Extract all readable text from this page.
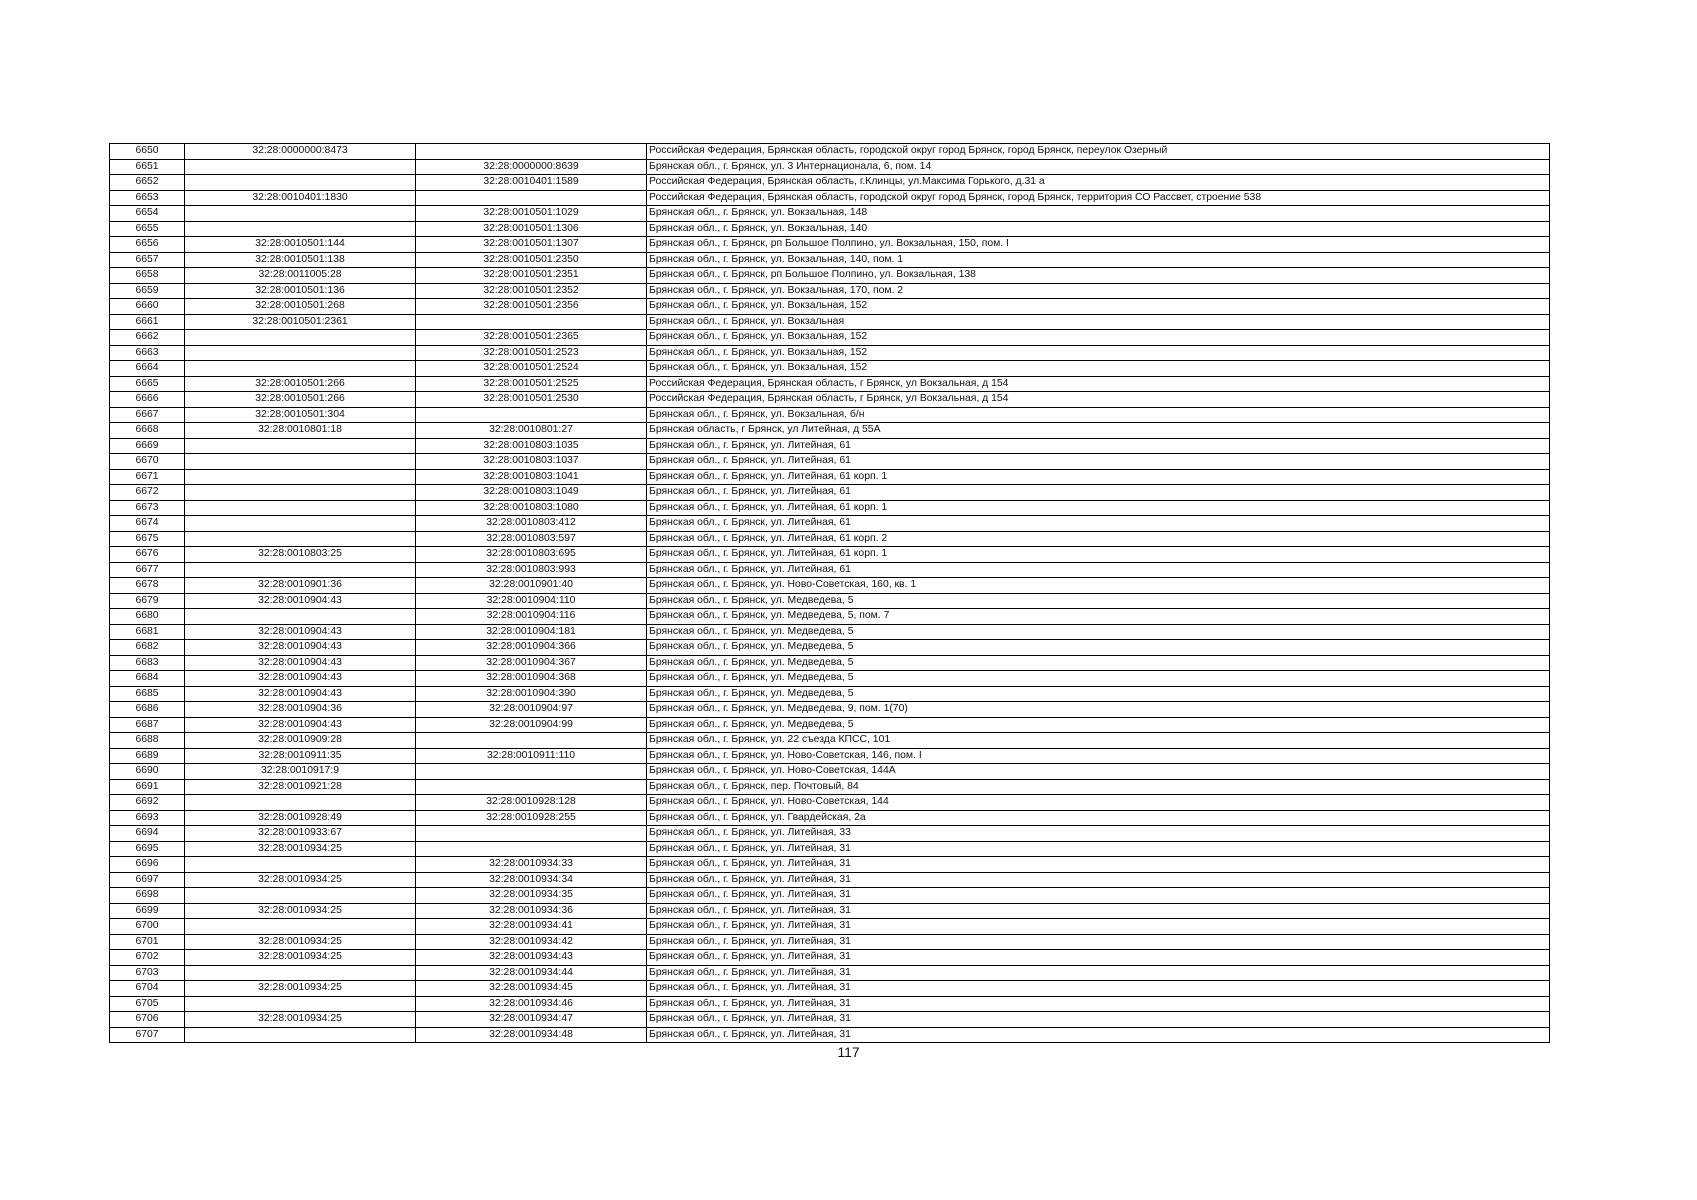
6650	32:28:0000000:8473		Российская Федерация, Брянская область, городской округ город Брянск, город Брянск, переулок Озерный
6651		32:28:0000000:8639	Брянская обл., г. Брянск, ул. 3 Интернационала, 6, пом. 14
6652		32:28:0010401:1589	Российская Федерация, Брянская область, г.Клинцы, ул.Максима Горького, д.31 а
6653	32:28:0010401:1830		Российская Федерация, Брянская область, городской округ город Брянск, город Брянск, территория СО Рассвет, строение 538
6654		32:28:0010501:1029	Брянская обл., г. Брянск, ул. Вокзальная, 148
6655		32:28:0010501:1306	Брянская обл., г. Брянск, ул. Вокзальная, 140
6656	32:28:0010501:144	32:28:0010501:1307	Брянская обл., г. Брянск, рп Большое Полпино, ул. Вокзальная, 150, пом. I
6657	32:28:0010501:138	32:28:0010501:2350	Брянская обл., г. Брянск, ул. Вокзальная, 140, пом. 1
6658	32:28:0011005:28	32:28:0010501:2351	Брянская обл., г. Брянск, рп Большое Полпино, ул. Вокзальная, 138
6659	32:28:0010501:136	32:28:0010501:2352	Брянская обл., г. Брянск, ул. Вокзальная, 170, пом. 2
6660	32:28:0010501:268	32:28:0010501:2356	Брянская обл., г. Брянск, ул. Вокзальная, 152
6661	32:28:0010501:2361		Брянская обл., г. Брянск, ул. Вокзальная
6662		32:28:0010501:2365	Брянская обл., г. Брянск, ул. Вокзальная, 152
6663		32:28:0010501:2523	Брянская обл., г. Брянск, ул. Вокзальная, 152
6664		32:28:0010501:2524	Брянская обл., г. Брянск, ул. Вокзальная, 152
6665	32:28:0010501:266	32:28:0010501:2525	Российская Федерация, Брянская область, г Брянск, ул Вокзальная, д 154
6666	32:28:0010501:266	32:28:0010501:2530	Российская Федерация, Брянская область, г Брянск, ул Вокзальная, д 154
6667	32:28:0010501:304		Брянская обл., г. Брянск, ул. Вокзальная, б/н
6668	32:28:0010801:18	32:28:0010801:27	Брянская область, г Брянск, ул Литейная, д 55А
6669		32:28:0010803:1035	Брянская обл., г. Брянск, ул. Литейная, 61
6670		32:28:0010803:1037	Брянская обл., г. Брянск, ул. Литейная, 61
6671		32:28:0010803:1041	Брянская обл., г. Брянск, ул. Литейная, 61 корп. 1
6672		32:28:0010803:1049	Брянская обл., г. Брянск, ул. Литейная, 61
6673		32:28:0010803:1080	Брянская обл., г. Брянск, ул. Литейная, 61 корп. 1
6674		32:28:0010803:412	Брянская обл., г. Брянск, ул. Литейная, 61
6675		32:28:0010803:597	Брянская обл., г. Брянск, ул. Литейная, 61 корп. 2
6676	32:28:0010803:25	32:28:0010803:695	Брянская обл., г. Брянск, ул. Литейная, 61 корп. 1
6677		32:28:0010803:993	Брянская обл., г. Брянск, ул. Литейная, 61
6678	32:28:0010901:36	32:28:0010901:40	Брянская обл., г. Брянск, ул. Ново-Советская, 160, кв. 1
6679	32:28:0010904:43	32:28:0010904:110	Брянская обл., г. Брянск, ул. Медведева, 5
6680		32:28:0010904:116	Брянская обл., г. Брянск, ул. Медведева, 5, пом. 7
6681	32:28:0010904:43	32:28:0010904:181	Брянская обл., г. Брянск, ул. Медведева, 5
6682	32:28:0010904:43	32:28:0010904:366	Брянская обл., г. Брянск, ул. Медведева, 5
6683	32:28:0010904:43	32:28:0010904:367	Брянская обл., г. Брянск, ул. Медведева, 5
6684	32:28:0010904:43	32:28:0010904:368	Брянская обл., г. Брянск, ул. Медведева, 5
6685	32:28:0010904:43	32:28:0010904:390	Брянская обл., г. Брянск, ул. Медведева, 5
6686	32:28:0010904:36	32:28:0010904:97	Брянская обл., г. Брянск, ул. Медведева, 9, пом. 1(70)
6687	32:28:0010904:43	32:28:0010904:99	Брянская обл., г. Брянск, ул. Медведева, 5
6688	32:28:0010909:28		Брянская обл., г. Брянск, ул. 22 съезда КПСС, 101
6689	32:28:0010911:35	32:28:0010911:110	Брянская обл., г. Брянск, ул. Ново-Советская, 146, пом. I
6690	32:28:0010917:9		Брянская обл., г. Брянск, ул. Ново-Советская, 144А
6691	32:28:0010921:28		Брянская обл., г. Брянск, пер. Почтовый, 84
6692		32:28:0010928:128	Брянская обл., г. Брянск, ул. Ново-Советская, 144
6693	32:28:0010928:49	32:28:0010928:255	Брянская обл., г. Брянск, ул. Гвардейская, 2а
6694	32:28:0010933:67		Брянская обл., г. Брянск, ул. Литейная, 33
6695	32:28:0010934:25		Брянская обл., г. Брянск, ул. Литейная, 31
6696		32:28:0010934:33	Брянская обл., г. Брянск, ул. Литейная, 31
6697	32:28:0010934:25	32:28:0010934:34	Брянская обл., г. Брянск, ул. Литейная, 31
6698		32:28:0010934:35	Брянская обл., г. Брянск, ул. Литейная, 31
6699	32:28:0010934:25	32:28:0010934:36	Брянская обл., г. Брянск, ул. Литейная, 31
6700		32:28:0010934:41	Брянская обл., г. Брянск, ул. Литейная, 31
6701	32:28:0010934:25	32:28:0010934:42	Брянская обл., г. Брянск, ул. Литейная, 31
6702	32:28:0010934:25	32:28:0010934:43	Брянская обл., г. Брянск, ул. Литейная, 31
6703		32:28:0010934:44	Брянская обл., г. Брянск, ул. Литейная, 31
6704	32:28:0010934:25	32:28:0010934:45	Брянская обл., г. Брянск, ул. Литейная, 31
6705		32:28:0010934:46	Брянская обл., г. Брянск, ул. Литейная, 31
6706	32:28:0010934:25	32:28:0010934:47	Брянская обл., г. Брянск, ул. Литейная, 31
6707		32:28:0010934:48	Брянская обл., г. Брянск, ул. Литейная, 31
117
